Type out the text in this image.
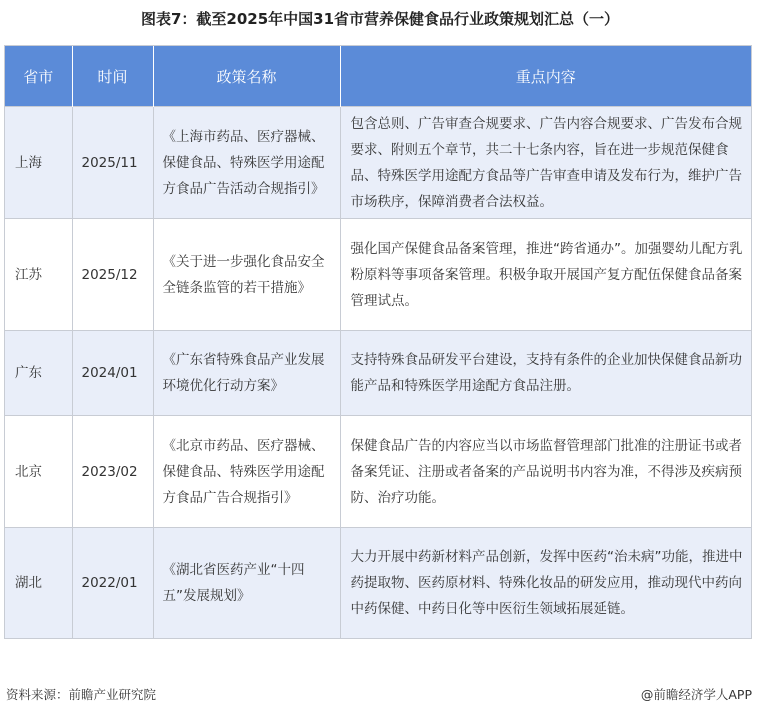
图表7：截至2025年中国31省市营养保健食品行业政策规划汇总（一）
省市	时间	政策名称	重点内容
上海	2025/11	《上海市药品、医疗器械、保健食品、特殊医学用途配方食品广告活动合规指引》	包含总则、广告审查合规要求、广告内容合规要求、广告发布合规要求、附则五个章节，共二十七条内容，旨在进一步规范保健食品、特殊医学用途配方食品等广告审查申请及发布行为，维护广告市场秩序，保障消费者合法权益。
江苏	2025/12	《关于进一步强化食品安全全链条监管的若干措施》	强化国产保健食品备案管理，推进“跨省通办”。加强婴幼儿配方乳粉原料等事项备案管理。积极争取开展国产复方配伍保健食品备案管理试点。
广东	2024/01	《广东省特殊食品产业发展环境优化行动方案》	支持特殊食品研发平台建设，支持有条件的企业加快保健食品新功能产品和特殊医学用途配方食品注册。
北京	2023/02	《北京市药品、医疗器械、保健食品、特殊医学用途配方食品广告合规指引》	保健食品广告的内容应当以市场监督管理部门批准的注册证书或者备案凭证、注册或者备案的产品说明书内容为准，不得涉及疾病预防、治疗功能。
湖北	2022/01	《湖北省医药产业“十四五”发展规划》	大力开展中药新材料产品创新，发挥中医药“治未病”功能，推进中药提取物、医药原材料、特殊化妆品的研发应用，推动现代中药向中药保健、中药日化等中医衍生领域拓展延链。
资料来源：前瞻产业研究院	@前瞻经济学人APP
